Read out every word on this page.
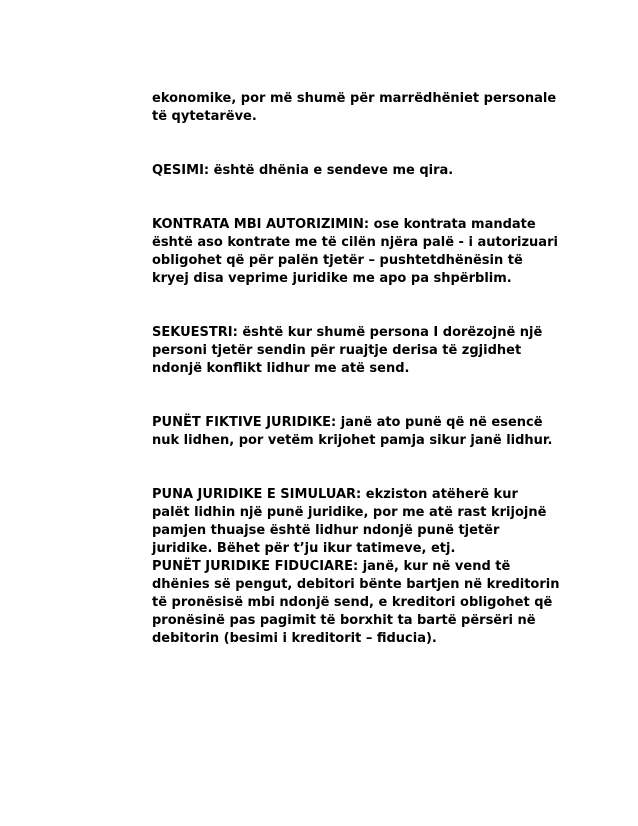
ekonomike, por më shumë për marrëdhëniet personale
të qytetarëve.

QESIMI: është dhënia e sendeve me qira.

KONTRATA MBI AUTORIZIMIN: ose kontrata mandate
është aso kontrate me të cilën njëra palë - i autorizuari
obligohet që për palën tjetër – pushtetdhënësin të
kryej disa veprime juridike me apo pa shpërblim.

SEKUESTRI: është kur shumë persona I dorëzojnë një
personi tjetër sendin për ruajtje derisa të zgjidhet
ndonjë konflikt lidhur me atë send.

PUNËT FIKTIVE JURIDIKE: janë ato punë që në esencë
nuk lidhen, por vetëm krijohet pamja sikur janë lidhur.

PUNA JURIDIKE E SIMULUAR: ekziston atëherë kur
palët lidhin një punë juridike, por me atë rast krijojnë
pamjen thuajse është lidhur ndonjë punë tjetër
juridike. Bëhet për t’ju ikur tatimeve, etj.

PUNËT JURIDIKE FIDUCIARE: janë, kur në vend të
dhënies së pengut, debitori bënte bartjen në kreditorin
të pronësisë mbi ndonjë send, e kreditori obligohet që
pronësinë pas pagimit të borxhit ta bartë përsëri në
debitorin (besimi i kreditorit – fiducia).
